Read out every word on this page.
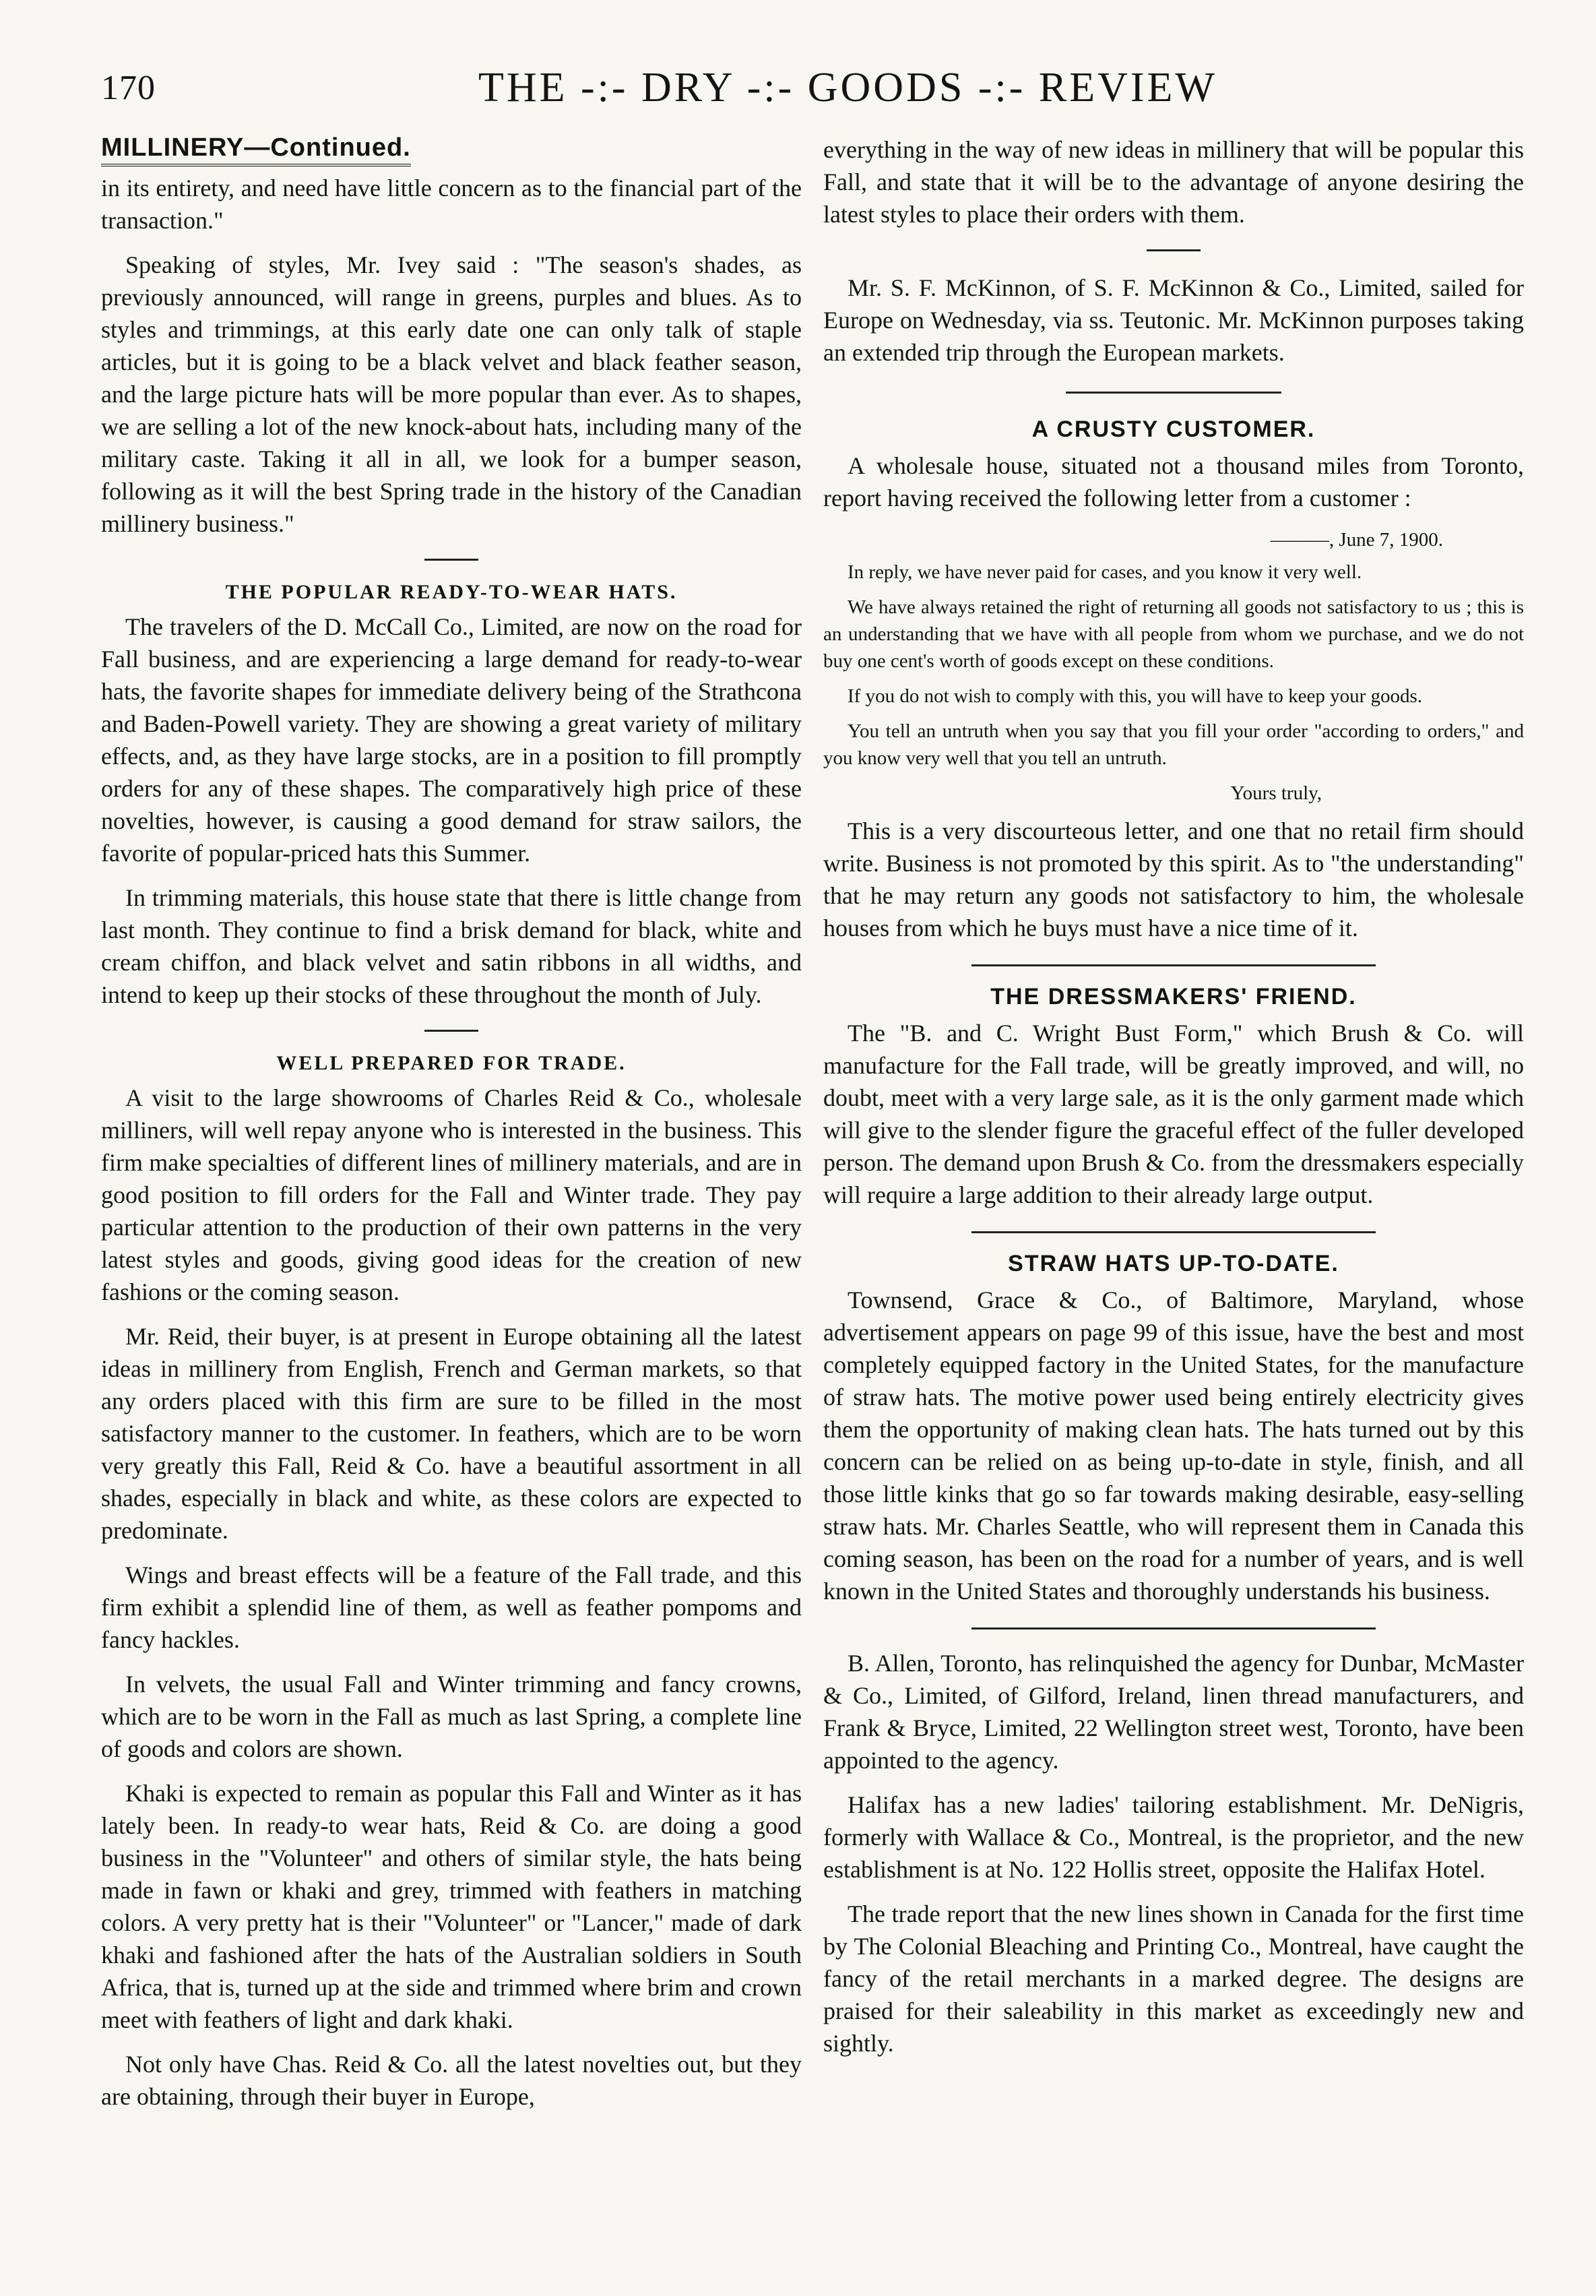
170	THE -:- DRY -:- GOODS -:- REVIEW
MILLINERY—Continued.

in its entirety, and need have little concern as to the financial part of the transaction."

Speaking of styles, Mr. Ivey said : "The season's shades, as previously announced, will range in greens, purples and blues. As to styles and trimmings, at this early date one can only talk of staple articles, but it is going to be a black velvet and black feather season, and the large picture hats will be more popular than ever. As to shapes, we are selling a lot of the new knock-about hats, including many of the military caste. Taking it all in all, we look for a bumper season, following as it will the best Spring trade in the history of the Canadian millinery business."

THE POPULAR READY-TO-WEAR HATS.

The travelers of the D. McCall Co., Limited, are now on the road for Fall business, and are experiencing a large demand for ready-to-wear hats, the favorite shapes for immediate delivery being of the Strathcona and Baden-Powell variety. They are showing a great variety of military effects, and, as they have large stocks, are in a position to fill promptly orders for any of these shapes. The comparatively high price of these novelties, however, is causing a good demand for straw sailors, the favorite of popular-priced hats this Summer.

In trimming materials, this house state that there is little change from last month. They continue to find a brisk demand for black, white and cream chiffon, and black velvet and satin ribbons in all widths, and intend to keep up their stocks of these throughout the month of July.

WELL PREPARED FOR TRADE.

A visit to the large showrooms of Charles Reid & Co., wholesale milliners, will well repay anyone who is interested in the business. This firm make specialties of different lines of millinery materials, and are in good position to fill orders for the Fall and Winter trade. They pay particular attention to the production of their own patterns in the very latest styles and goods, giving good ideas for the creation of new fashions or the coming season.

Mr. Reid, their buyer, is at present in Europe obtaining all the latest ideas in millinery from English, French and German markets, so that any orders placed with this firm are sure to be filled in the most satisfactory manner to the customer. In feathers, which are to be worn very greatly this Fall, Reid & Co. have a beautiful assortment in all shades, especially in black and white, as these colors are expected to predominate.

Wings and breast effects will be a feature of the Fall trade, and this firm exhibit a splendid line of them, as well as feather pompoms and fancy hackles.

In velvets, the usual Fall and Winter trimming and fancy crowns, which are to be worn in the Fall as much as last Spring, a complete line of goods and colors are shown.

Khaki is expected to remain as popular this Fall and Winter as it has lately been. In ready-to wear hats, Reid & Co. are doing a good business in the "Volunteer" and others of similar style, the hats being made in fawn or khaki and grey, trimmed with feathers in matching colors. A very pretty hat is their "Volunteer" or "Lancer," made of dark khaki and fashioned after the hats of the Australian soldiers in South Africa, that is, turned up at the side and trimmed where brim and crown meet with feathers of light and dark khaki.

Not only have Chas. Reid & Co. all the latest novelties out, but they are obtaining, through their buyer in Europe,

everything in the way of new ideas in millinery that will be popular this Fall, and state that it will be to the advantage of anyone desiring the latest styles to place their orders with them.

Mr. S. F. McKinnon, of S. F. McKinnon & Co., Limited, sailed for Europe on Wednesday, via ss. Teutonic. Mr. McKinnon purposes taking an extended trip through the European markets.

A CRUSTY CUSTOMER.

A wholesale house, situated not a thousand miles from Toronto, report having received the following letter from a customer :

———, June 7, 1900.

In reply, we have never paid for cases, and you know it very well.

We have always retained the right of returning all goods not satisfactory to us ; this is an understanding that we have with all people from whom we purchase, and we do not buy one cent's worth of goods except on these conditions.

If you do not wish to comply with this, you will have to keep your goods.

You tell an untruth when you say that you fill your order "according to orders," and you know very well that you tell an untruth.

Yours truly,

This is a very discourteous letter, and one that no retail firm should write. Business is not promoted by this spirit. As to "the understanding" that he may return any goods not satisfactory to him, the wholesale houses from which he buys must have a nice time of it.

THE DRESSMAKERS' FRIEND.

The "B. and C. Wright Bust Form," which Brush & Co. will manufacture for the Fall trade, will be greatly improved, and will, no doubt, meet with a very large sale, as it is the only garment made which will give to the slender figure the graceful effect of the fuller developed person. The demand upon Brush & Co. from the dressmakers especially will require a large addition to their already large output.

STRAW HATS UP-TO-DATE.

Townsend, Grace & Co., of Baltimore, Maryland, whose advertisement appears on page 99 of this issue, have the best and most completely equipped factory in the United States, for the manufacture of straw hats. The motive power used being entirely electricity gives them the opportunity of making clean hats. The hats turned out by this concern can be relied on as being up-to-date in style, finish, and all those little kinks that go so far towards making desirable, easy-selling straw hats. Mr. Charles Seattle, who will represent them in Canada this coming season, has been on the road for a number of years, and is well known in the United States and thoroughly understands his business.

B. Allen, Toronto, has relinquished the agency for Dunbar, McMaster & Co., Limited, of Gilford, Ireland, linen thread manufacturers, and Frank & Bryce, Limited, 22 Wellington street west, Toronto, have been appointed to the agency.

Halifax has a new ladies' tailoring establishment. Mr. DeNigris, formerly with Wallace & Co., Montreal, is the proprietor, and the new establishment is at No. 122 Hollis street, opposite the Halifax Hotel.

The trade report that the new lines shown in Canada for the first time by The Colonial Bleaching and Printing Co., Montreal, have caught the fancy of the retail merchants in a marked degree. The designs are praised for their saleability in this market as exceedingly new and sightly.
